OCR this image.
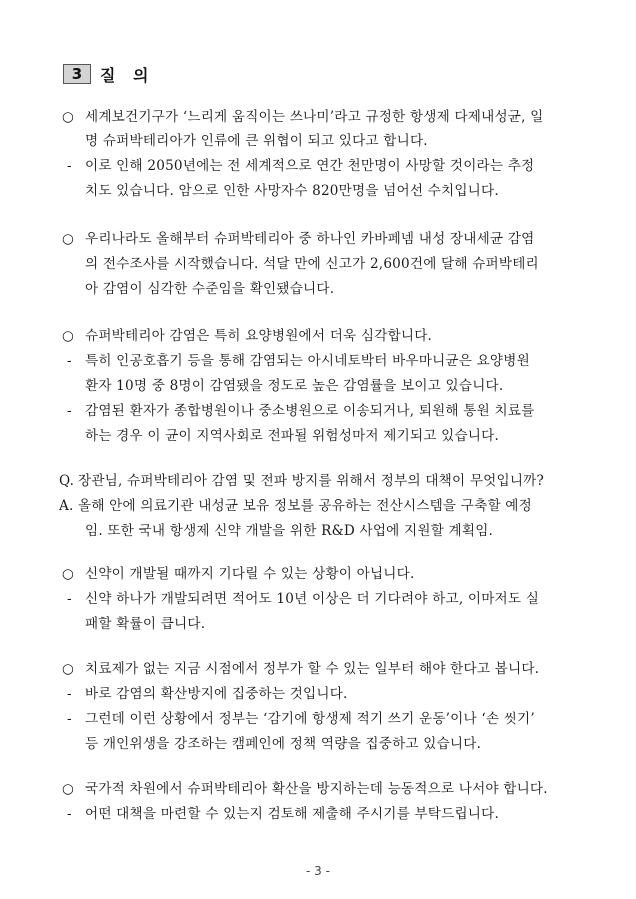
3	질 의
○ 세계보건기구가 ‘느리게 움직이는 쓰나미’라고 규정한 항생제 다제내성균, 일
명 슈퍼박테리아가 인류에 큰 위협이 되고 있다고 합니다.
- 이로 인해 2050년에는 전 세계적으로 연간 천만명이 사망할 것이라는 추정
치도 있습니다. 암으로 인한 사망자수 820만명을 넘어선 수치입니다.
○ 우리나라도 올해부터 슈퍼박테리아 중 하나인 카바페넴 내성 장내세균 감염
의 전수조사를 시작했습니다. 석달 만에 신고가 2,600건에 달해 슈퍼박테리
아 감염이 심각한 수준임을 확인됐습니다.
○ 슈퍼박테리아 감염은 특히 요양병원에서 더욱 심각합니다.
- 특히 인공호흡기 등을 통해 감염되는 아시네토박터 바우마니균은 요양병원
환자 10명 중 8명이 감염됐을 정도로 높은 감염률을 보이고 있습니다.
- 감염된 환자가 종합병원이나 중소병원으로 이송되거나, 퇴원해 통원 치료를
하는 경우 이 균이 지역사회로 전파될 위험성마저 제기되고 있습니다.
Q. 장관님, 슈퍼박테리아 감염 및 전파 방지를 위해서 정부의 대책이 무엇입니까?
A. 올해 안에 의료기관 내성균 보유 정보를 공유하는 전산시스템을 구축할 예정
임. 또한 국내 항생제 신약 개발을 위한 R&D 사업에 지원할 계획임.
○ 신약이 개발될 때까지 기다릴 수 있는 상황이 아닙니다.
- 신약 하나가 개발되려면 적어도 10년 이상은 더 기다려야 하고, 이마저도 실
패할 확률이 큽니다.
○ 치료제가 없는 지금 시점에서 정부가 할 수 있는 일부터 해야 한다고 봅니다.
- 바로 감염의 확산방지에 집중하는 것입니다.
- 그런데 이런 상황에서 정부는 ‘감기에 항생제 적기 쓰기 운동’이나 ‘손 씻기’
등 개인위생을 강조하는 캠페인에 정책 역량을 집중하고 있습니다.
○ 국가적 차원에서 슈퍼박테리아 확산을 방지하는데 능동적으로 나서야 합니다.
- 어떤 대책을 마련할 수 있는지 검토해 제출해 주시기를 부탁드립니다.
- 3 -
